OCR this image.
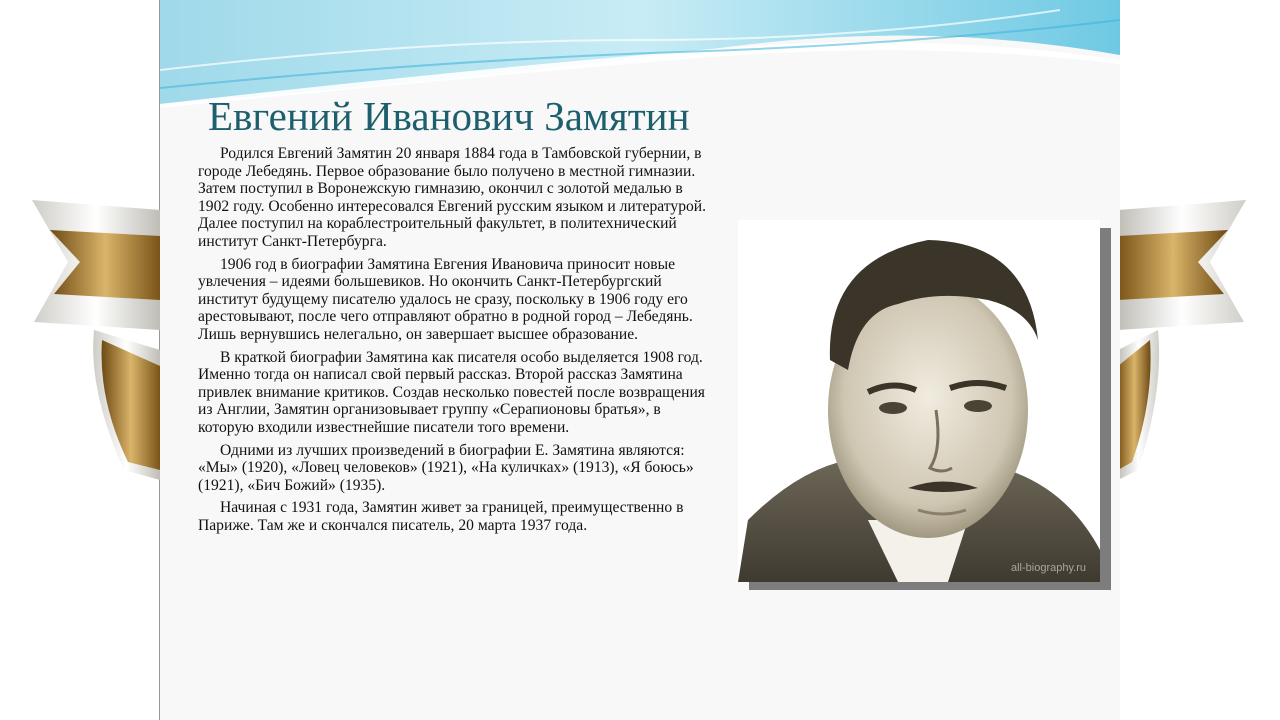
Евгений Иванович Замятин

Родился Евгений Замятин 20 января 1884 года в Тамбовской губернии, в городе Лебедянь. Первое образование было получено в местной гимназии. Затем поступил в Воронежскую гимназию, окончил с золотой медалью в 1902 году. Особенно интересовался Евгений русским языком и литературой. Далее поступил на кораблестроительный факультет, в политехнический институт Санкт-Петербурга.

1906 год в биографии Замятина Евгения Ивановича приносит новые увлечения – идеями большевиков. Но окончить Санкт-Петербургский институт будущему писателю удалось не сразу, поскольку в 1906 году его арестовывают, после чего отправляют обратно в родной город – Лебедянь. Лишь вернувшись нелегально, он завершает высшее образование.

В краткой биографии Замятина как писателя особо выделяется 1908 год. Именно тогда он написал свой первый рассказ. Второй рассказ Замятина привлек внимание критиков. Создав несколько повестей после возвращения из Англии, Замятин организовывает группу «Серапионовы братья», в которую входили известнейшие писатели того времени.

Одними из лучших произведений в биографии Е. Замятина являются: «Мы» (1920), «Ловец человеков» (1921), «На куличках» (1913), «Я боюсь» (1921), «Бич Божий» (1935).

Начиная с 1931 года, Замятин живет за границей, преимущественно в Париже. Там же и скончался писатель, 20 марта 1937 года.

all-biography.ru
